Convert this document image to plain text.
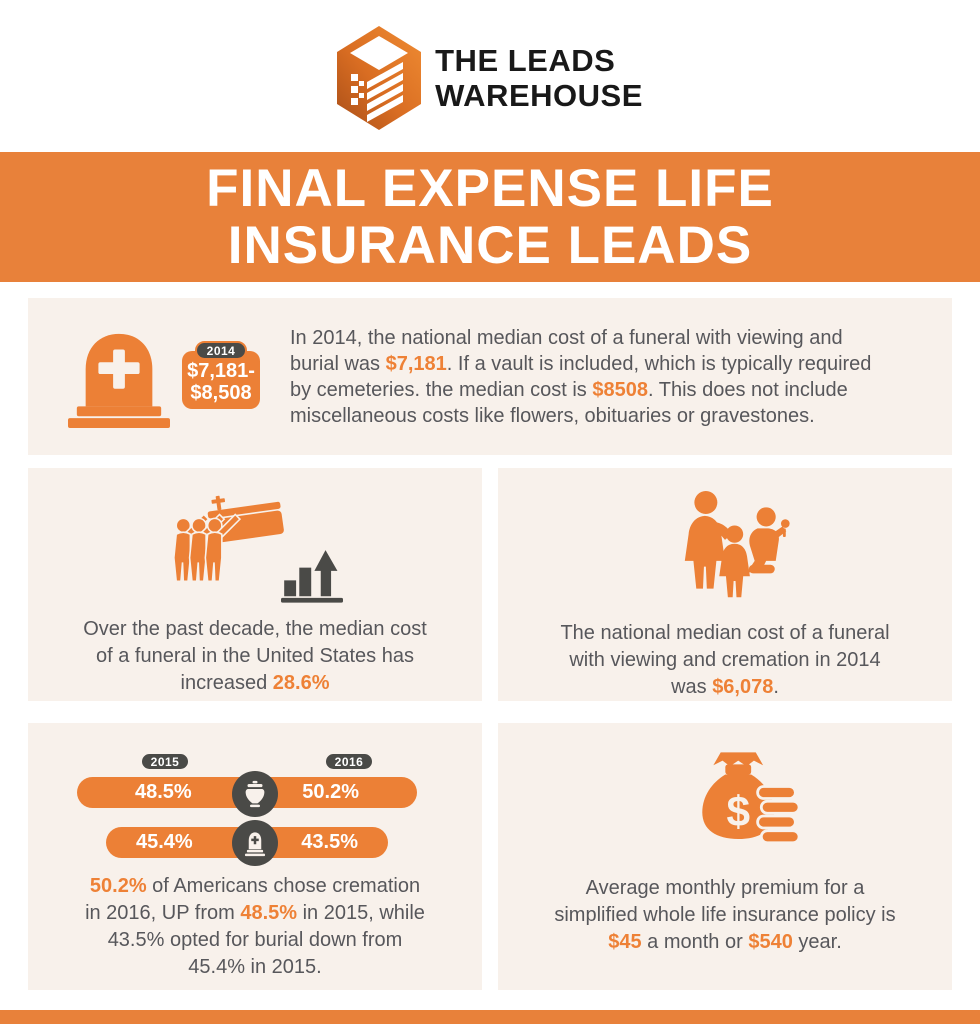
THE LEADS
WAREHOUSE
FINAL EXPENSE LIFE
INSURANCE LEADS
2014
$7,181-
$8,508

In 2014, the national median cost of a funeral with viewing and
burial was $7,181. If a vault is included, which is typically required
by cemeteries. the median cost is $8508. This does not include
miscellaneous costs like flowers, obituaries or gravestones.

Over the past decade, the median cost
of a funeral in the United States has
increased 28.6%

The national median cost of a funeral
with viewing and cremation in 2014
was $6,078.

2015	2016
48.5%	50.2%
45.4%	43.5%

50.2% of Americans chose cremation
in 2016, UP from 48.5% in 2015, while
43.5% opted for burial down from
45.4% in 2015.

$

Average monthly premium for a
simplified whole life insurance policy is
$45 a month or $540 year.
